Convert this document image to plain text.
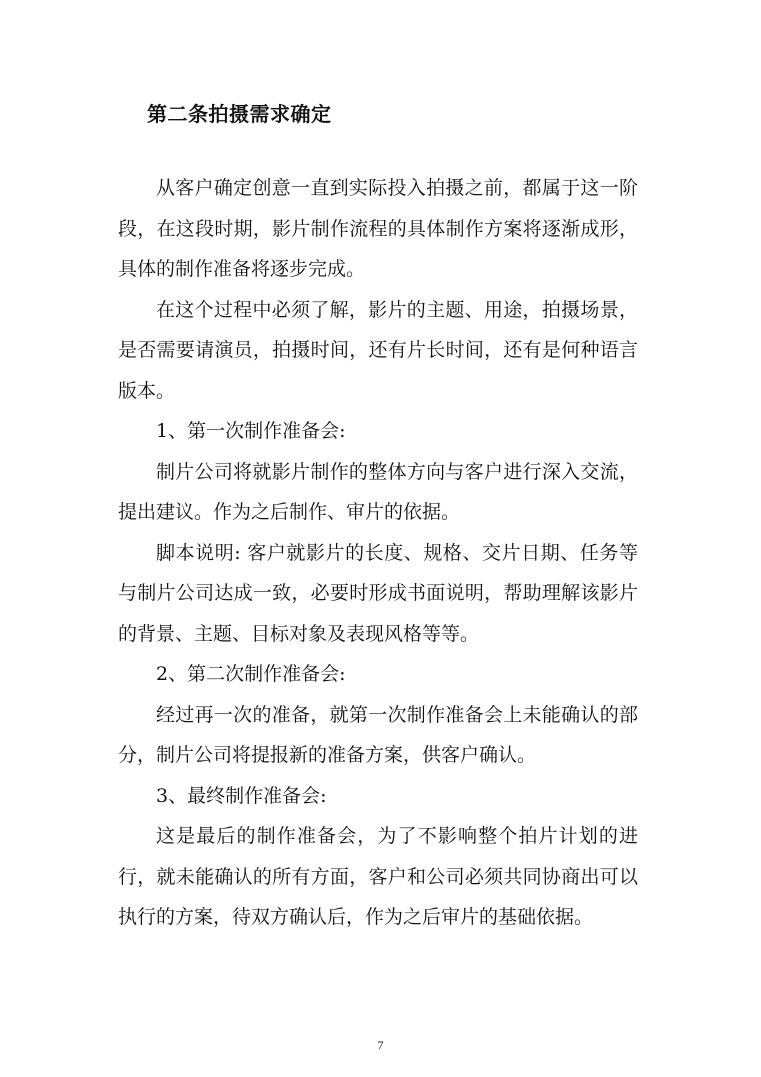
第二条拍摄需求确定

从客户确定创意一直到实际投入拍摄之前，都属于这一阶段，在这段时期，影片制作流程的具体制作方案将逐渐成形，具体的制作准备将逐步完成。

在这个过程中必须了解，影片的主题、用途，拍摄场景，是否需要请演员，拍摄时间，还有片长时间，还有是何种语言版本。

1、第一次制作准备会:

制片公司将就影片制作的整体方向与客户进行深入交流，提出建议。作为之后制作、审片的依据。

脚本说明: 客户就影片的长度、规格、交片日期、任务等与制片公司达成一致，必要时形成书面说明，帮助理解该影片的背景、主题、目标对象及表现风格等等。

2、第二次制作准备会:

经过再一次的准备，就第一次制作准备会上未能确认的部分，制片公司将提报新的准备方案，供客户确认。

3、最终制作准备会:

这是最后的制作准备会，为了不影响整个拍片计划的进行，就未能确认的所有方面，客户和公司必须共同协商出可以执行的方案，待双方确认后，作为之后审片的基础依据。

7
